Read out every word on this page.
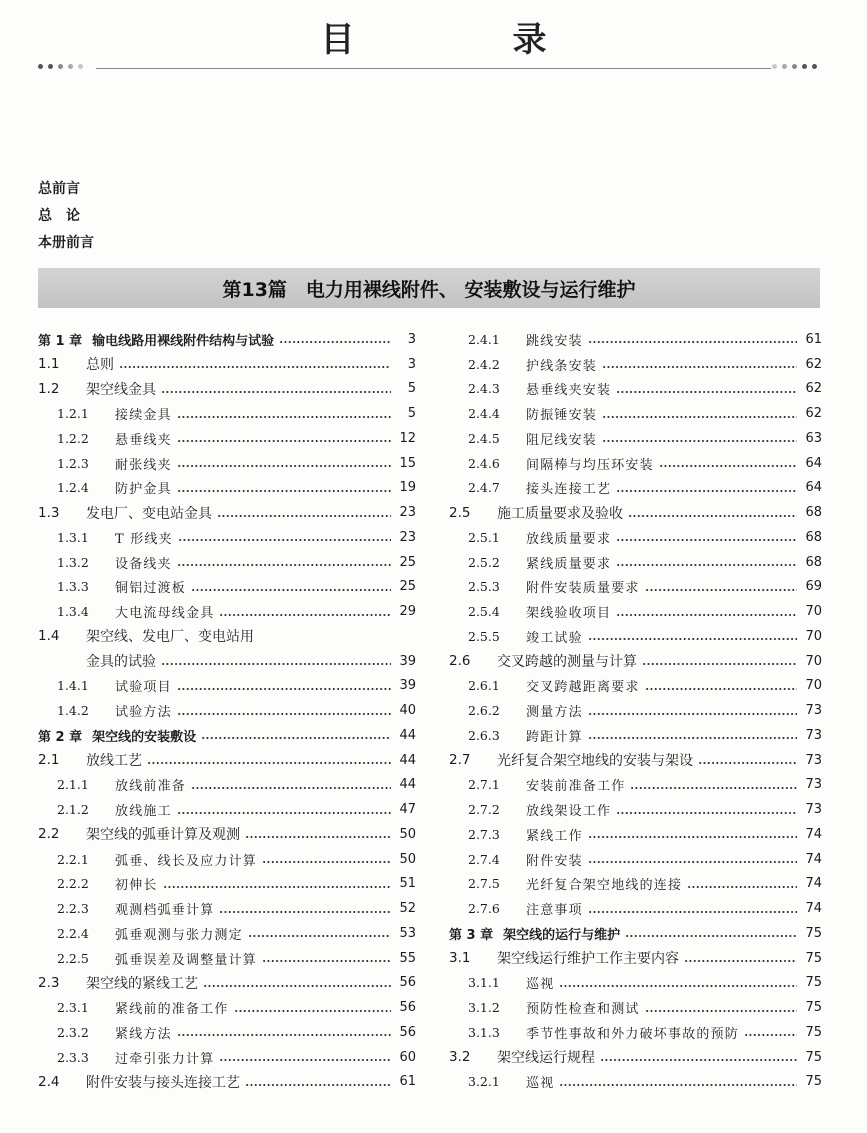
目　录
总前言
总　论
本册前言
第13篇　电力用裸线附件、 安装敷设与运行维护
第 1 章 输电线路用裸线附件结构与试验	3
1.1	总则	3
1.2	架空线金具	5
1.2.1	接续金具	5
1.2.2	悬垂线夹	12
1.2.3	耐张线夹	15
1.2.4	防护金具	19
1.3	发电厂、变电站金具	23
1.3.1	T 形线夹	23
1.3.2	设备线夹	25
1.3.3	铜铝过渡板	25
1.3.4	大电流母线金具	29
1.4	架空线、发电厂、变电站用
金具的试验	39
1.4.1	试验项目	39
1.4.2	试验方法	40
第 2 章 架空线的安装敷设	44
2.1	放线工艺	44
2.1.1	放线前准备	44
2.1.2	放线施工	47
2.2	架空线的弧垂计算及观测	50
2.2.1	弧垂、线长及应力计算	50
2.2.2	初伸长	51
2.2.3	观测档弧垂计算	52
2.2.4	弧垂观测与张力测定	53
2.2.5	弧垂误差及调整量计算	55
2.3	架空线的紧线工艺	56
2.3.1	紧线前的准备工作	56
2.3.2	紧线方法	56
2.3.3	过牵引张力计算	60
2.4	附件安装与接头连接工艺	61
2.4.1	跳线安装	61
2.4.2	护线条安装	62
2.4.3	悬垂线夹安装	62
2.4.4	防振锤安装	62
2.4.5	阻尼线安装	63
2.4.6	间隔棒与均压环安装	64
2.4.7	接头连接工艺	64
2.5	施工质量要求及验收	68
2.5.1	放线质量要求	68
2.5.2	紧线质量要求	68
2.5.3	附件安装质量要求	69
2.5.4	架线验收项目	70
2.5.5	竣工试验	70
2.6	交叉跨越的测量与计算	70
2.6.1	交叉跨越距离要求	70
2.6.2	测量方法	73
2.6.3	跨距计算	73
2.7	光纤复合架空地线的安装与架设	73
2.7.1	安装前准备工作	73
2.7.2	放线架设工作	73
2.7.3	紧线工作	74
2.7.4	附件安装	74
2.7.5	光纤复合架空地线的连接	74
2.7.6	注意事项	74
第 3 章 架空线的运行与维护	75
3.1	架空线运行维护工作主要内容	75
3.1.1	巡视	75
3.1.2	预防性检查和测试	75
3.1.3	季节性事故和外力破坏事故的预防	75
3.2	架空线运行规程	75
3.2.1	巡视	75
